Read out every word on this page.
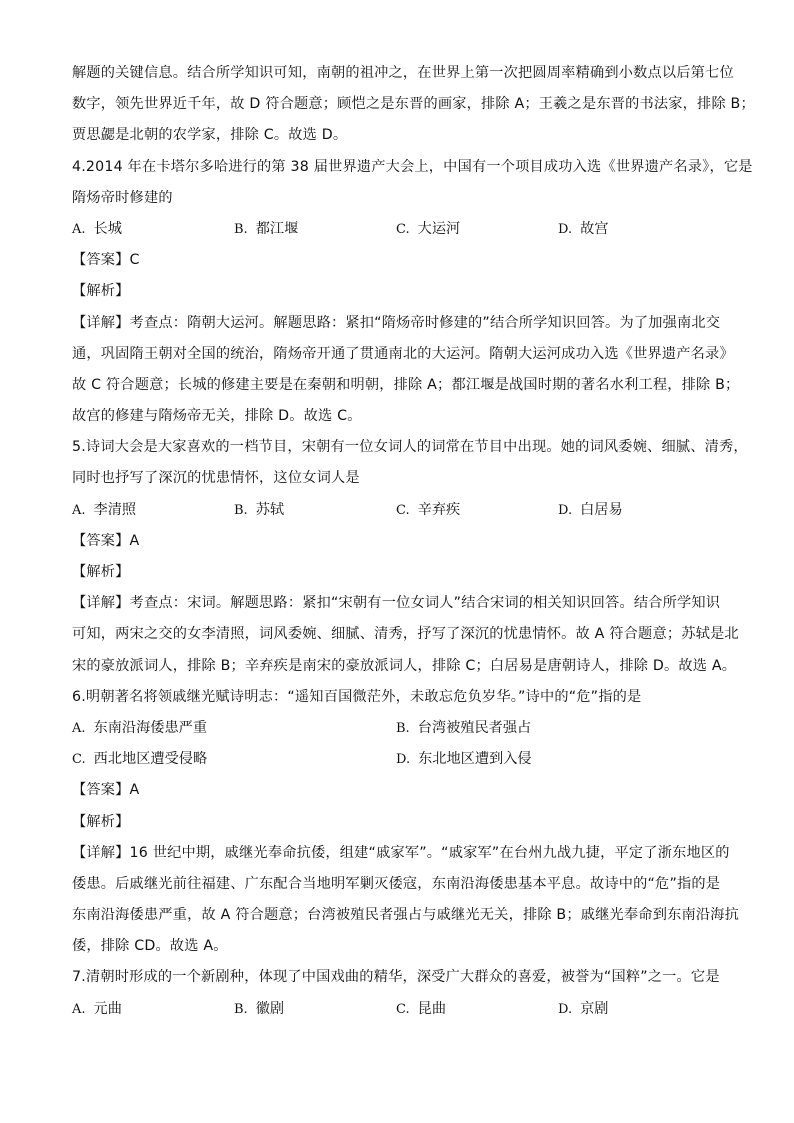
解题的关键信息。结合所学知识可知，南朝的祖冲之，在世界上第一次把圆周率精确到小数点以后第七位
数字，领先世界近千年，故 D 符合题意；顾恺之是东晋的画家，排除 A；王羲之是东晋的书法家，排除 B；
贾思勰是北朝的农学家，排除 C。故选 D。
4.2014 年在卡塔尔多哈进行的第 38 届世界遗产大会上，中国有一个项目成功入选《世界遗产名录》，它是
隋炀帝时修建的
A. 长城	B. 都江堰	C. 大运河	D. 故宫
【答案】C
【解析】
【详解】考查点：隋朝大运河。解题思路：紧扣“隋炀帝时修建的”结合所学知识回答。为了加强南北交
通，巩固隋王朝对全国的统治，隋炀帝开通了贯通南北的大运河。隋朝大运河成功入选《世界遗产名录》
故 C 符合题意；长城的修建主要是在秦朝和明朝，排除 A；都江堰是战国时期的著名水利工程，排除 B；
故宫的修建与隋炀帝无关，排除 D。故选 C。
5.诗词大会是大家喜欢的一档节目，宋朝有一位女词人的词常在节目中出现。她的词风委婉、细腻、清秀，
同时也抒写了深沉的忧患情怀，这位女词人是
A. 李清照	B. 苏轼	C. 辛弃疾	D. 白居易
【答案】A
【解析】
【详解】考查点：宋词。解题思路：紧扣“宋朝有一位女词人”结合宋词的相关知识回答。结合所学知识
可知，两宋之交的女李清照，词风委婉、细腻、清秀，抒写了深沉的忧患情怀。故 A 符合题意；苏轼是北
宋的豪放派词人，排除 B；辛弃疾是南宋的豪放派词人，排除 C；白居易是唐朝诗人，排除 D。故选 A。
6.明朝著名将领戚继光赋诗明志：“遥知百国微茫外，未敢忘危负岁华。”诗中的“危”指的是
A. 东南沿海倭患严重	B. 台湾被殖民者强占
C. 西北地区遭受侵略	D. 东北地区遭到入侵
【答案】A
【解析】
【详解】16 世纪中期，戚继光奉命抗倭，组建“戚家军”。“戚家军”在台州九战九捷，平定了浙东地区的
倭患。后戚继光前往福建、广东配合当地明军剿灭倭寇，东南沿海倭患基本平息。故诗中的“危”指的是
东南沿海倭患严重，故 A 符合题意；台湾被殖民者强占与戚继光无关，排除 B；戚继光奉命到东南沿海抗
倭，排除 CD。故选 A。
7.清朝时形成的一个新剧种，体现了中国戏曲的精华，深受广大群众的喜爱，被誉为“国粹”之一。它是
A. 元曲	B. 徽剧	C. 昆曲	D. 京剧
